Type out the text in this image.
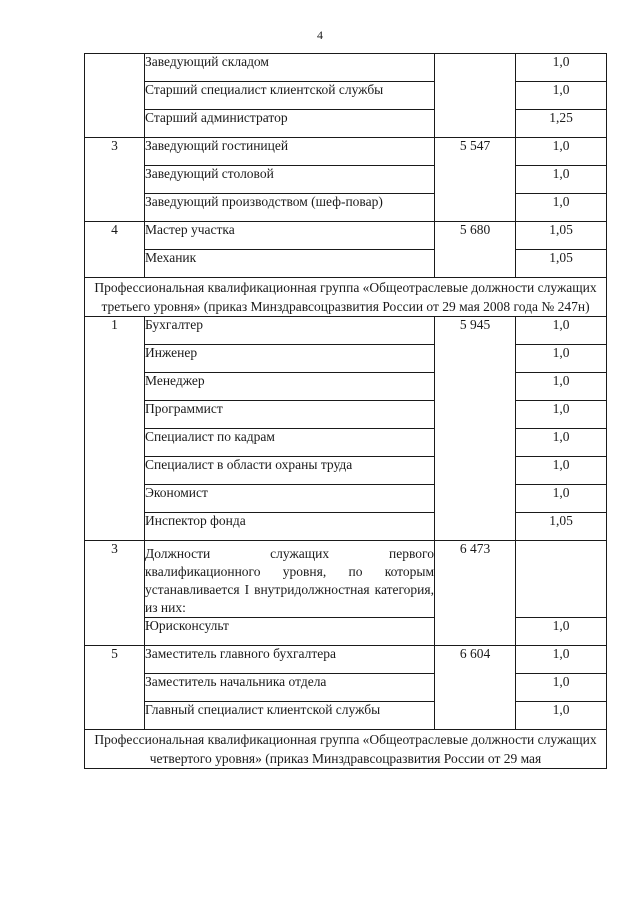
4
	Заведующий складом		1,0
	Старший специалист клиентской службы		1,0
	Старший администратор		1,25
3	Заведующий гостиницей	5 547	1,0
	Заведующий столовой		1,0
	Заведующий производством (шеф-повар)		1,0
4	Мастер участка	5 680	1,05
	Механик		1,05
Профессиональная квалификационная группа «Общеотраслевые должности служащих третьего уровня» (приказ Минздравсоцразвития России от 29 мая 2008 года № 247н)			
1	Бухгалтер	5 945	1,0
	Инженер		1,0
	Менеджер		1,0
	Программист		1,0
	Специалист по кадрам		1,0
	Специалист в области охраны труда		1,0
	Экономист		1,0
	Инспектор фонда		1,05
3	Должности служащих первого квалификационного уровня, по которым устанавливается I внутридолжностная категория, из них:	6 473	
	Юрисконсульт		1,0
5	Заместитель главного бухгалтера	6 604	1,0
	Заместитель начальника отдела		1,0
	Главный специалист клиентской службы		1,0
Профессиональная квалификационная группа «Общеотраслевые должности служащих четвертого уровня» (приказ Минздравсоцразвития России от 29 мая			
